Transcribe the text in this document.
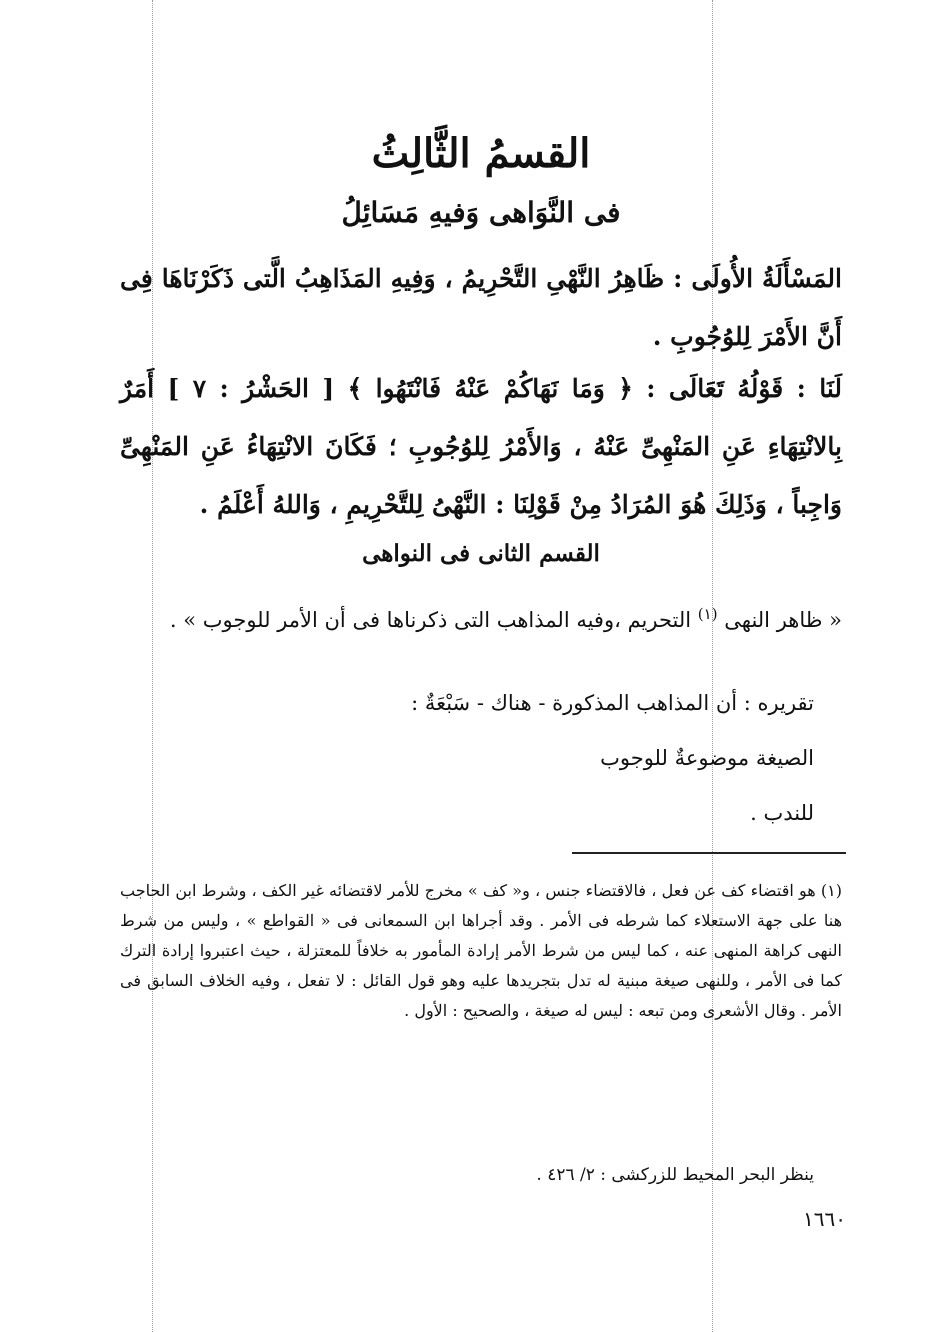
القسمُ الثَّالِثُ
فى النَّوَاهى وَفيهِ مَسَائِلُ

المَسْأَلَةُ الأُولَى : ظَاهِرُ النَّهْىِ التَّحْرِيمُ ، وَفِيهِ المَذَاهِبُ الَّتى ذَكَرْنَاهَا فِى أَنَّ الأَمْرَ لِلوُجُوبِ .

لَنَا : قَوْلُهُ تَعَالَى : ﴿ وَمَا نَهَاكُمْ عَنْهُ فَانْتَهُوا ﴾ [ الحَشْرُ : ٧ ] أَمَرٌ بِالانْتِهَاءِ عَنِ المَنْهِىِّ عَنْهُ ، وَالأَمْرُ لِلوُجُوبِ ؛ فَكَانَ الانْتِهَاءُ عَنِ المَنْهِىِّ وَاجِباً ، وَذَلِكَ هُوَ المُرَادُ مِنْ قَوْلِنَا : النَّهْىُ لِلتَّحْرِيمِ ، وَاللهُ أَعْلَمُ .

القسم الثانى فى النواهى

« ظاهر النهى $^{(١)}$ التحريم ،وفيه المذاهب التى ذكرناها فى أن الأمر للوجوب » .

تقريره : أن المذاهب المذكورة - هناك - سَبْعَةٌ :

الصيغة موضوعةٌ للوجوب

للندب .

(١) هو اقتضاء كف عن فعل ، فالاقتضاء جنس ، و« كف » مخرج للأمر لاقتضائه غير الكف ، وشرط ابن الحاجب هنا على جهة الاستعلاء كما شرطه فى الأمر . وقد أجراها ابن السمعانى فى « القواطع » ، وليس من شرط النهى كراهة المنهى عنه ، كما ليس من شرط الأمر إرادة المأمور به خلافاً للمعتزلة ، حيث اعتبروا إرادة الترك كما فى الأمر ، وللنهى صيغة مبنية له تدل بتجريدها عليه وهو قول القائل : لا تفعل ، وفيه الخلاف السابق فى الأمر . وقال الأشعرى ومن تبعه : ليس له صيغة ، والصحيح : الأول .

ينظر البحر المحيط للزركشى : ٢/ ٤٢٦ .

١٦٦٠
